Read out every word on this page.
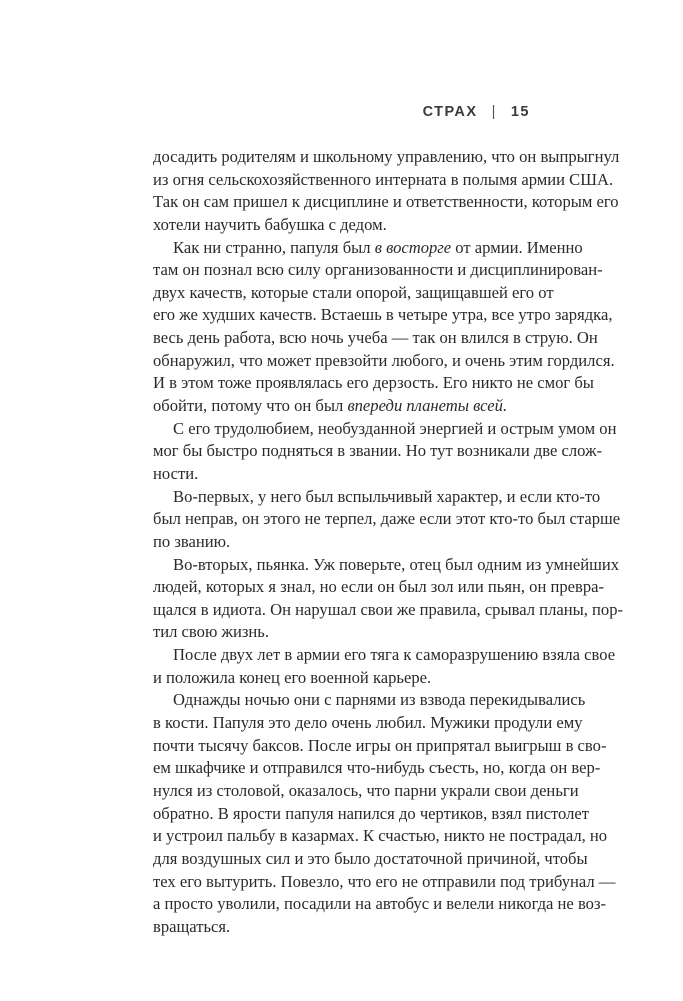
СТРАХ | 15
досадить родителям и школьному управлению, что он выпрыгнул
из огня сельскохозяйственного интерната в полымя армии США.
Так он сам пришел к дисциплине и ответственности, которым его
хотели научить бабушка с дедом.
Как ни странно, папуля был в восторге от армии. Именно
там он познал всю силу организованности и дисциплинирован-
двух качеств, которые стали опорой, защищавшей его от
его же худших качеств. Встаешь в четыре утра, все утро зарядка,
весь день работа, всю ночь учеба — так он влился в струю. Он
обнаружил, что может превзойти любого, и очень этим гордился.
И в этом тоже проявлялась его дерзость. Его никто не смог бы
обойти, потому что он был впереди планеты всей.
С его трудолюбием, необузданной энергией и острым умом он
мог бы быстро подняться в звании. Но тут возникали две слож-
ности.
Во-первых, у него был вспыльчивый характер, и если кто-то
был неправ, он этого не терпел, даже если этот кто-то был старше
по званию.
Во-вторых, пьянка. Уж поверьте, отец был одним из умнейших
людей, которых я знал, но если он был зол или пьян, он превра-
щался в идиота. Он нарушал свои же правила, срывал планы, пор-
тил свою жизнь.
После двух лет в армии его тяга к саморазрушению взяла свое
и положила конец его военной карьере.
Однажды ночью они с парнями из взвода перекидывались
в кости. Папуля это дело очень любил. Мужики продули ему
почти тысячу баксов. После игры он припрятал выигрыш в сво-
ем шкафчике и отправился что-нибудь съесть, но, когда он вер-
нулся из столовой, оказалось, что парни украли свои деньги
обратно. В ярости папуля напился до чертиков, взял пистолет
и устроил пальбу в казармах. К счастью, никто не пострадал, но
для воздушных сил и это было достаточной причиной, чтобы
тех его вытурить. Повезло, что его не отправили под трибунал —
а просто уволили, посадили на автобус и велели никогда не воз-
вращаться.
